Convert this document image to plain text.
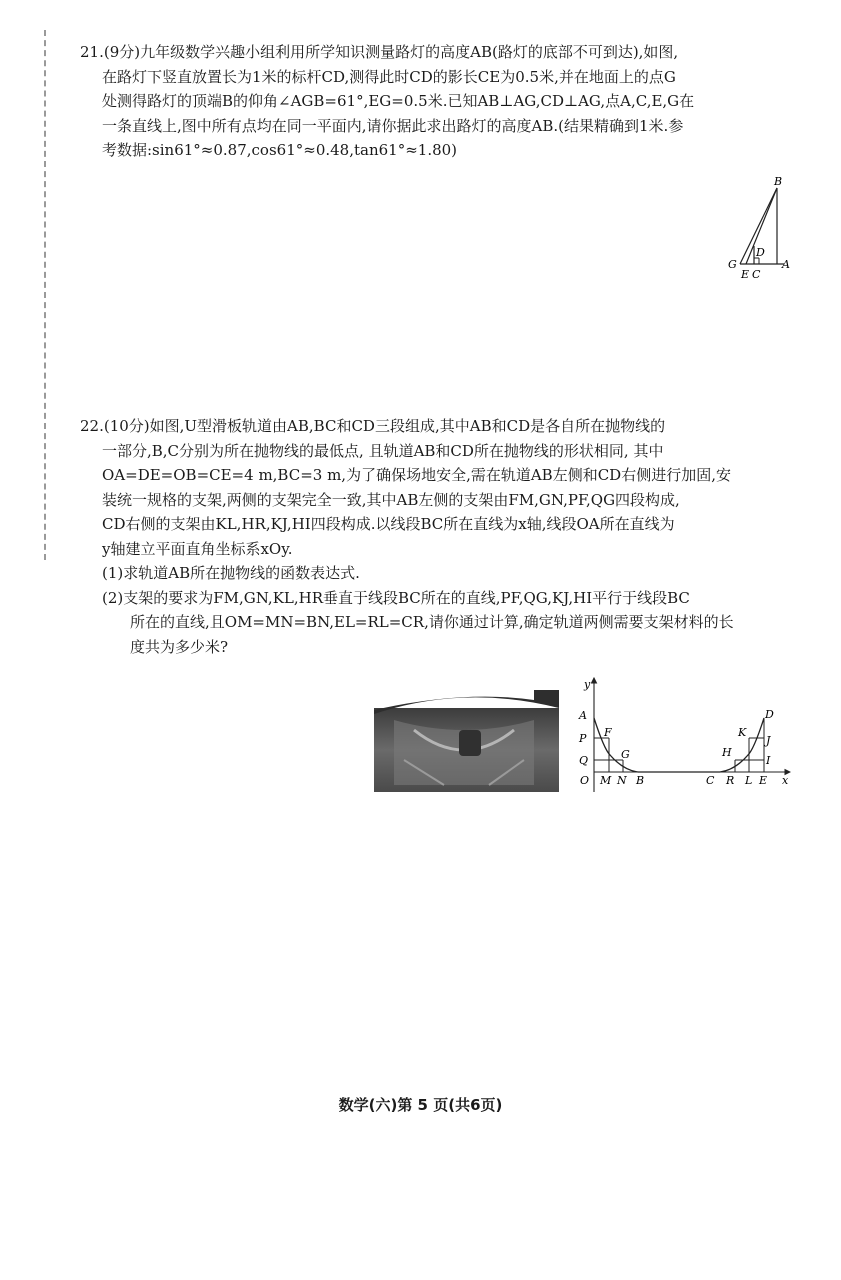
21.(9分)九年级数学兴趣小组利用所学知识测量路灯的高度AB(路灯的底部不可到达),如图,

在路灯下竖直放置长为1米的标杆CD,测得此时CD的影长CE为0.5米,并在地面上的点G

处测得路灯的顶端B的仰角∠AGB=61°,EG=0.5米.已知AB⊥AG,CD⊥AG,点A,C,E,G在

一条直线上,图中所有点均在同一平面内,请你据此求出路灯的高度AB.(结果精确到1米.参

考数据:sin61°≈0.87,cos61°≈0.48,tan61°≈1.80)

B
D
G
E C
A

22.(10分)如图,U型滑板轨道由AB,BC和CD三段组成,其中AB和CD是各自所在抛物线的

一部分,B,C分别为所在抛物线的最低点, 且轨道AB和CD所在抛物线的形状相同, 其中

OA=DE=OB=CE=4 m,BC=3 m,为了确保场地安全,需在轨道AB左侧和CD右侧进行加固,安

装统一规格的支架,两侧的支架完全一致,其中AB左侧的支架由FM,GN,PF,QG四段构成,

CD右侧的支架由KL,HR,KJ,HI四段构成.以线段BC所在直线为x轴,线段OA所在直线为

y轴建立平面直角坐标系xOy.

(1)求轨道AB所在抛物线的函数表达式.

(2)支架的要求为FM,GN,KL,HR垂直于线段BC所在的直线,PF,QG,KJ,HI平行于线段BC

所在的直线,且OM=MN=BN,EL=RL=CR,请你通过计算,确定轨道两侧需要支架材料的长

度共为多少米?

y
A
P
Q
O
F
G
M N B	C R L E x
H
K
J
I
D
数学(六)第 5 页(共6页)
